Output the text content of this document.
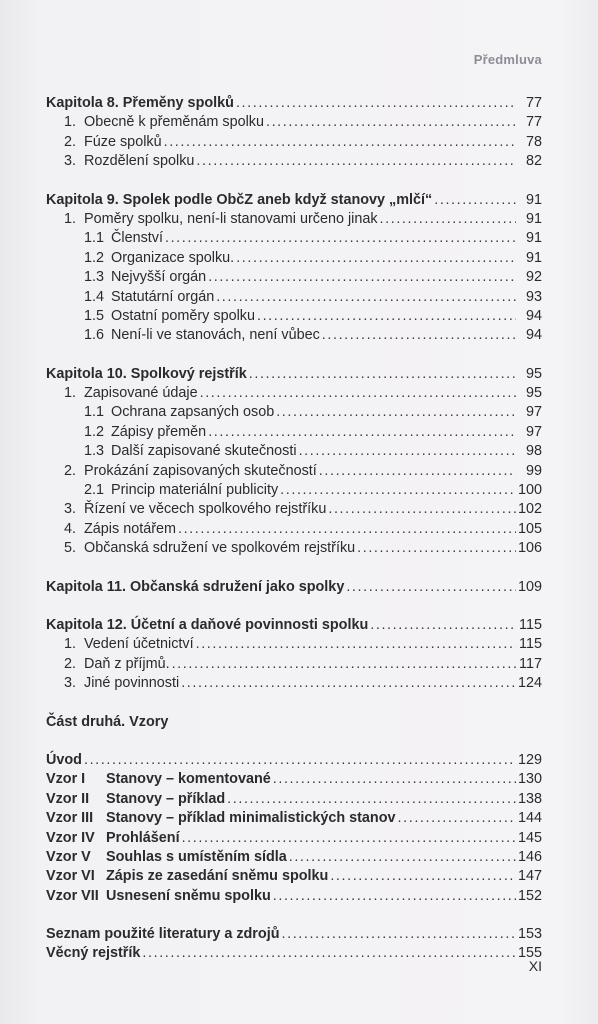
Předmluva
Kapitola 8. Přeměny spolků . . .	77
1. Obecně k přeměnám spolku . . .	77
2. Fúze spolků . . .	78
3. Rozdělení spolku . . .	82
Kapitola 9. Spolek podle ObčZ aneb když stanovy „mlčí“ . . .	91
1. Poměry spolku, není-li stanovami určeno jinak . . .	91
1.1 Členství . . .	91
1.2 Organizace spolku. . . .	91
1.3 Nejvyšší orgán . . .	92
1.4 Statutární orgán . . .	93
1.5 Ostatní poměry spolku . . .	94
1.6 Není-li ve stanovách, není vůbec . . .	94
Kapitola 10. Spolkový rejstřík . . .	95
1. Zapisované údaje . . .	95
1.1 Ochrana zapsaných osob . . .	97
1.2 Zápisy přeměn . . .	97
1.3 Další zapisované skutečnosti . . .	98
2. Prokázání zapisovaných skutečností . . .	99
2.1 Princip materiální publicity . . .	100
3. Řízení ve věcech spolkového rejstříku . . .	102
4. Zápis notářem . . .	105
5. Občanská sdružení ve spolkovém rejstříku . . .	106
Kapitola 11. Občanská sdružení jako spolky . . .	109
Kapitola 12. Účetní a daňové povinnosti spolku . . .	115
1. Vedení účetnictví . . .	115
2. Daň z příjmů. . . .	117
3. Jiné povinnosti . . .	124
Část druhá. Vzory
Úvod . . .	129
Vzor I	Stanovy – komentované . . .	130
Vzor II	Stanovy – příklad . . .	138
Vzor III Stanovy – příklad minimalistických stanov . . .	144
Vzor IV Prohlášení . . .	145
Vzor V	Souhlas s umístěním sídla . . .	146
Vzor VI Zápis ze zasedání sněmu spolku . . .	147
Vzor VII Usnesení sněmu spolku . . .	152
Seznam použité literatury a zdrojů . . .	153
Věcný rejstřík . . .	155
XI
